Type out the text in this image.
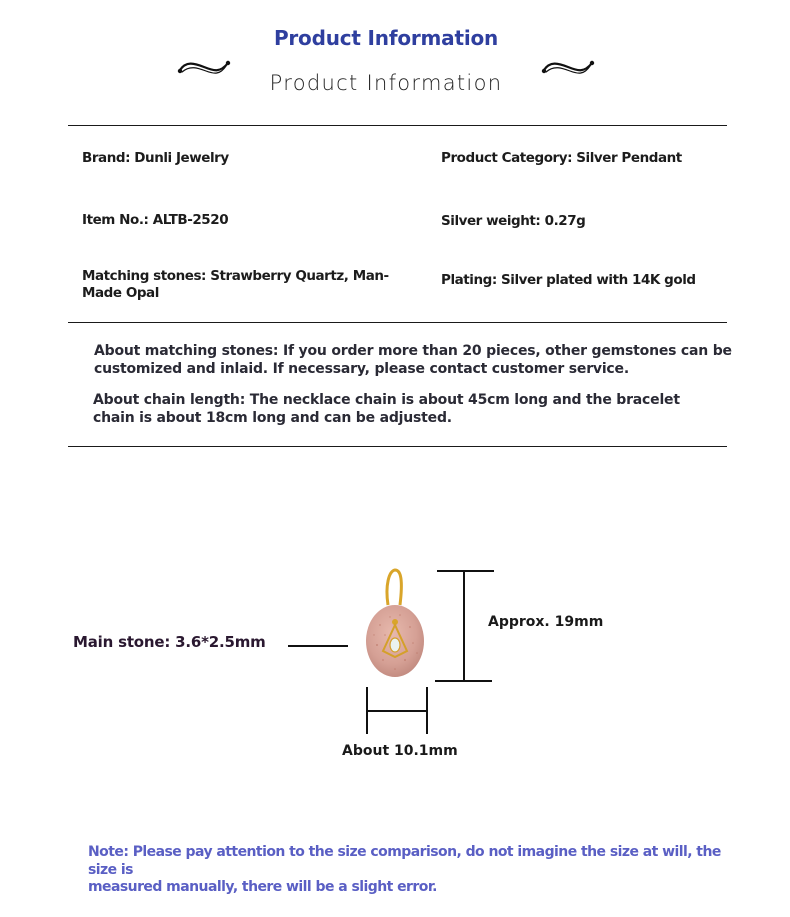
Product Information
Product Information
Brand: Dunli Jewelry	Product Category: Silver Pendant
Item No.: ALTB-2520	Silver weight: 0.27g
Matching stones: Strawberry Quartz, Man-
Made Opal
Plating: Silver plated with 14K gold
About matching stones: If you order more than 20 pieces, other gemstones can be
customized and inlaid. If necessary, please contact customer service.
About chain length: The necklace chain is about 45cm long and the bracelet
chain is about 18cm long and can be adjusted.
Main stone: 3.6*2.5mm
Approx. 19mm
About 10.1mm
Note: Please pay attention to the size comparison, do not imagine the size at will, the size is
measured manually, there will be a slight error.
